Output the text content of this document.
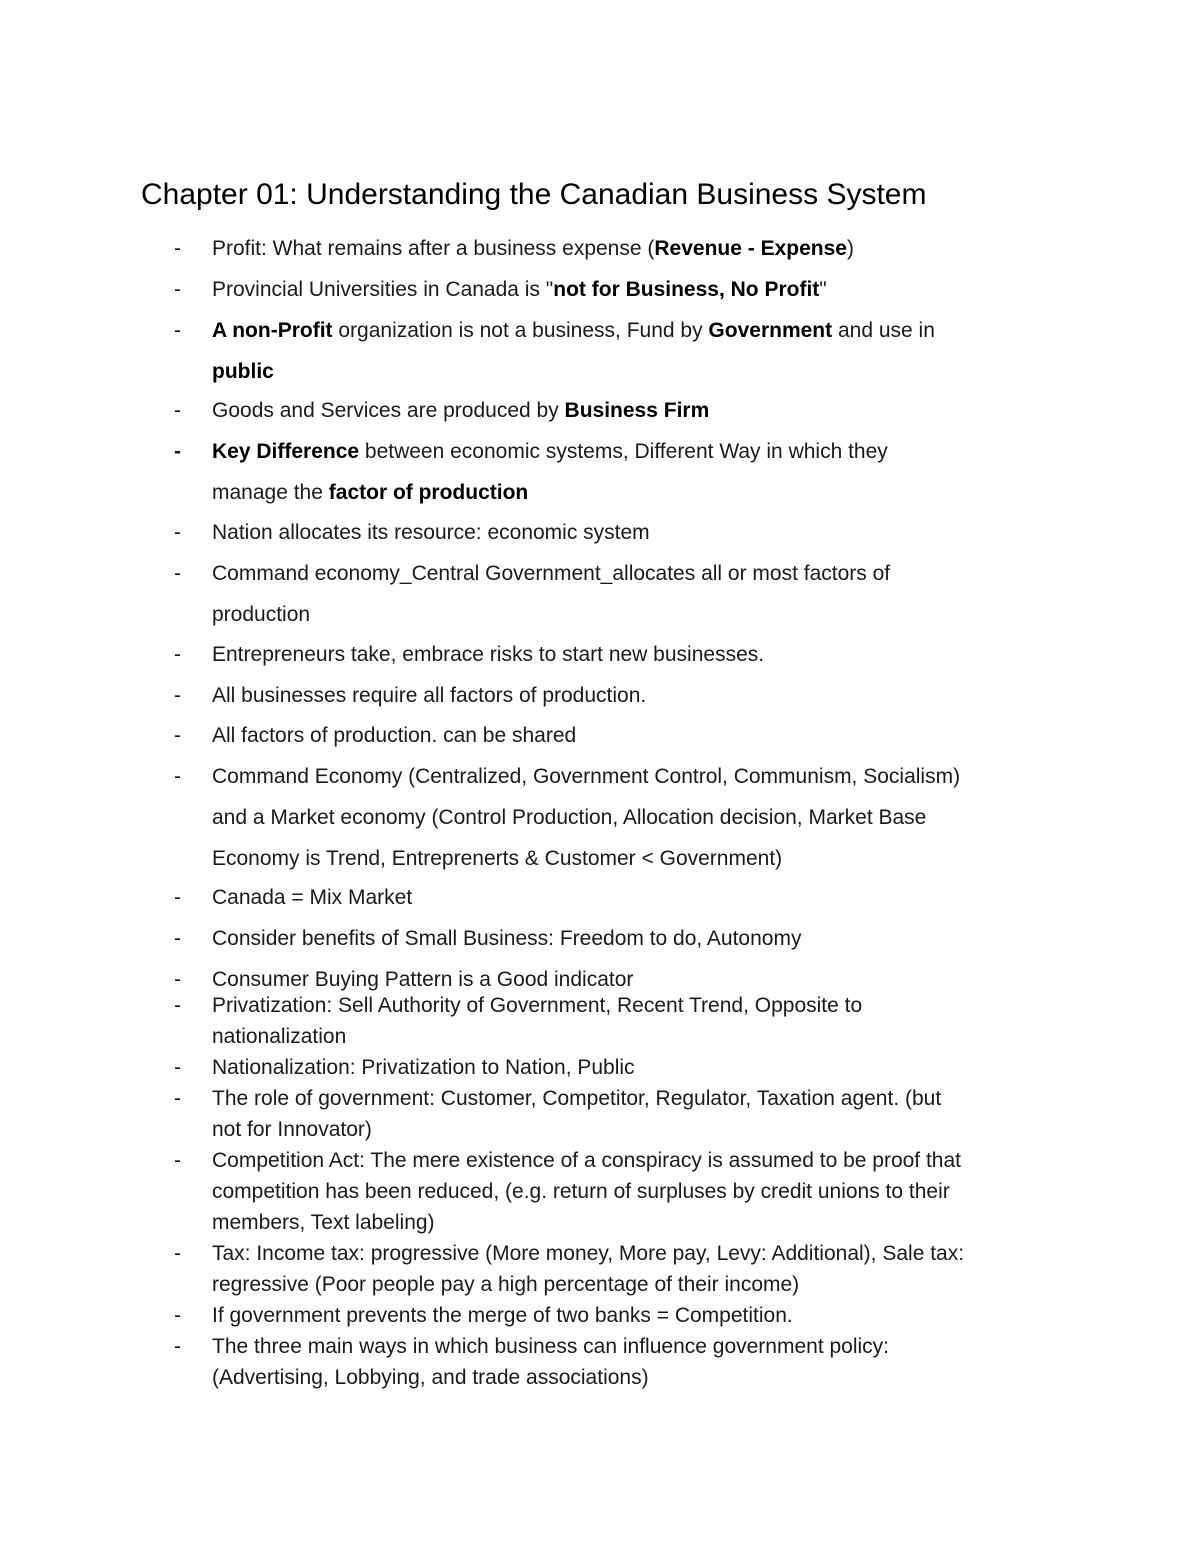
Chapter 01: Understanding the Canadian Business System
-	Profit: What remains after a business expense (Revenue - Expense)
-	Provincial Universities in Canada is "not for Business, No Profit"
-	A non-Profit organization is not a business, Fund by Government and use in
public
-	Goods and Services are produced by Business Firm
-	Key Difference between economic systems, Different Way in which they
manage the factor of production
-	Nation allocates its resource: economic system
-	Command economy_Central Government_allocates all or most factors of
production
-	Entrepreneurs take, embrace risks to start new businesses.
-	All businesses require all factors of production.
-	All factors of production. can be shared
-	Command Economy (Centralized, Government Control, Communism, Socialism)
and a Market economy (Control Production, Allocation decision, Market Base
Economy is Trend, Entreprenerts & Customer < Government)
-	Canada = Mix Market
-	Consider benefits of Small Business: Freedom to do, Autonomy
-	Consumer Buying Pattern is a Good indicator
-	Privatization: Sell Authority of Government, Recent Trend, Opposite to
nationalization
-	Nationalization: Privatization to Nation, Public
-	The role of government: Customer, Competitor, Regulator, Taxation agent. (but
not for Innovator)
-	Competition Act: The mere existence of a conspiracy is assumed to be proof that
competition has been reduced, (e.g. return of surpluses by credit unions to their
members, Text labeling)
-	Tax: Income tax: progressive (More money, More pay, Levy: Additional), Sale tax:
regressive (Poor people pay a high percentage of their income)
-	If government prevents the merge of two banks = Competition.
-	The three main ways in which business can influence government policy:
(Advertising, Lobbying, and trade associations)
